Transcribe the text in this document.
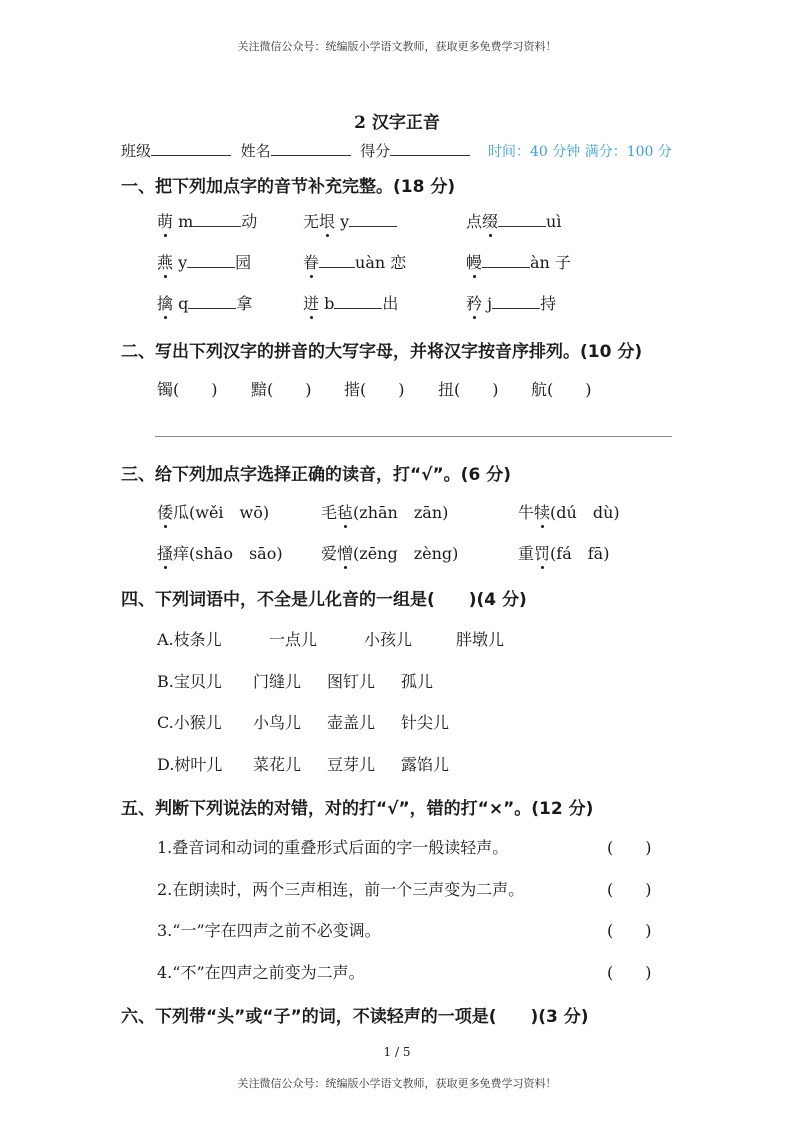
关注微信公众号：统编版小学语文教师，获取更多免费学习资料！
2 汉字正音
班级	姓名	得分	时间：40 分钟 满分：100 分
一、把下列加点字的音节补充完整。(18 分)
萌 m	动	无垠 y	点缀	uì
燕 y	园	眷 uàn 恋	幔	àn 子
擒 q	拿	迸 b	出	矜 j	持
二、写出下列汉字的拼音的大写字母，并将汉字按音序排列。(10 分)
镯(　　) 黯(　　) 揩(　　) 扭(　　) 航(　　)
三、给下列加点字选择正确的读音，打“√”。(6 分)
倭瓜(wěi　wō)	毛毡(zhān　zān)	牛犊(dú　dù)
搔痒(shāo　sāo) 爱憎(zēng　zèng)	重罚(fá　fā)
四、下列词语中，不全是儿化音的一组是(　　)(4 分)
A.枝条儿	一点儿	小孩儿	胖墩儿
B.宝贝儿 门缝儿 图钉儿 孤儿
C.小猴儿 小鸟儿 壶盖儿 针尖儿
D.树叶儿 菜花儿 豆芽儿 露馅儿
五、判断下列说法的对错，对的打“√”，错的打“×”。(12 分)
1.叠音词和动词的重叠形式后面的字一般读轻声。	(　　)
2.在朗读时，两个三声相连，前一个三声变为二声。	(　　)
3.“一”字在四声之前不必变调。	(　　)
4.“不”在四声之前变为二声。	(　　)
六、下列带“头”或“子”的词，不读轻声的一项是(　　)(3 分)
1 / 5
关注微信公众号：统编版小学语文教师，获取更多免费学习资料！
